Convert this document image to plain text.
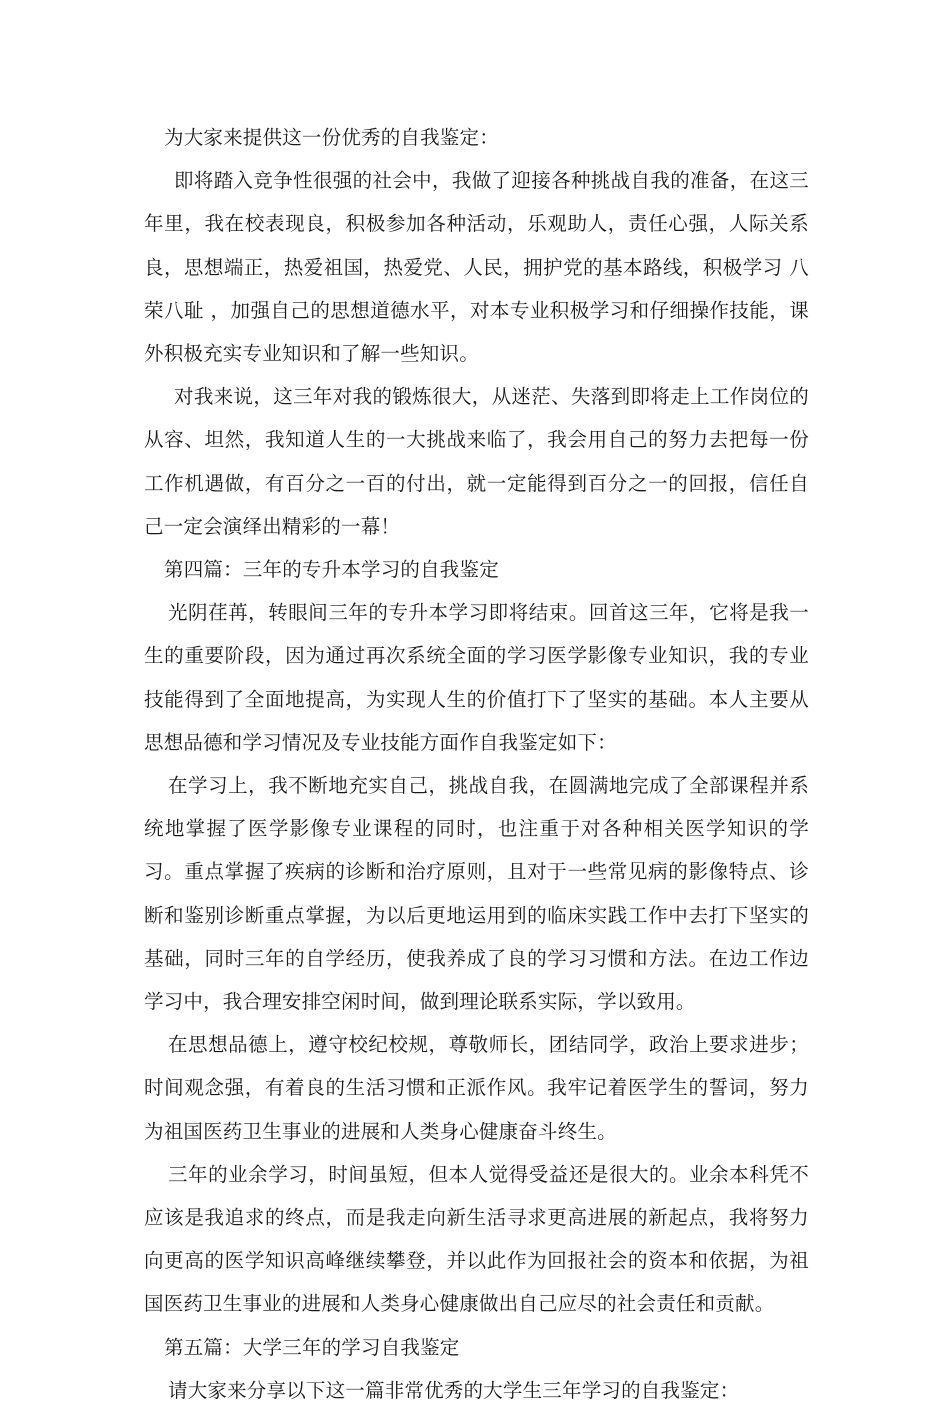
为大家来提供这一份优秀的自我鉴定：

即将踏入竞争性很强的社会中，我做了迎接各种挑战自我的准备，在这三年里，我在校表现良，积极参加各种活动，乐观助人，责任心强，人际关系良，思想端正，热爱祖国，热爱党、人民，拥护党的基本路线，积极学习 八荣八耻 ，加强自己的思想道德水平，对本专业积极学习和仔细操作技能，课外积极充实专业知识和了解一些知识。

对我来说，这三年对我的锻炼很大，从迷茫、失落到即将走上工作岗位的从容、坦然，我知道人生的一大挑战来临了，我会用自己的努力去把每一份工作机遇做，有百分之一百的付出，就一定能得到百分之一的回报，信任自己一定会演绎出精彩的一幕！

第四篇：三年的专升本学习的自我鉴定

光阴荏苒，转眼间三年的专升本学习即将结束。回首这三年，它将是我一生的重要阶段，因为通过再次系统全面的学习医学影像专业知识，我的专业技能得到了全面地提高，为实现人生的价值打下了坚实的基础。本人主要从思想品德和学习情况及专业技能方面作自我鉴定如下：

在学习上，我不断地充实自己，挑战自我，在圆满地完成了全部课程并系统地掌握了医学影像专业课程的同时，也注重于对各种相关医学知识的学习。重点掌握了疾病的诊断和治疗原则，且对于一些常见病的影像特点、诊断和鉴别诊断重点掌握，为以后更地运用到的临床实践工作中去打下坚实的基础，同时三年的自学经历，使我养成了良的学习习惯和方法。在边工作边学习中，我合理安排空闲时间，做到理论联系实际，学以致用。

在思想品德上，遵守校纪校规，尊敬师长，团结同学，政治上要求进步；时间观念强，有着良的生活习惯和正派作风。我牢记着医学生的誓词，努力为祖国医药卫生事业的进展和人类身心健康奋斗终生。

三年的业余学习，时间虽短，但本人觉得受益还是很大的。业余本科凭不应该是我追求的终点，而是我走向新生活寻求更高进展的新起点，我将努力向更高的医学知识高峰继续攀登，并以此作为回报社会的资本和依据，为祖国医药卫生事业的进展和人类身心健康做出自己应尽的社会责任和贡献。

第五篇：大学三年的学习自我鉴定

请大家来分享以下这一篇非常优秀的大学生三年学习的自我鉴定：
